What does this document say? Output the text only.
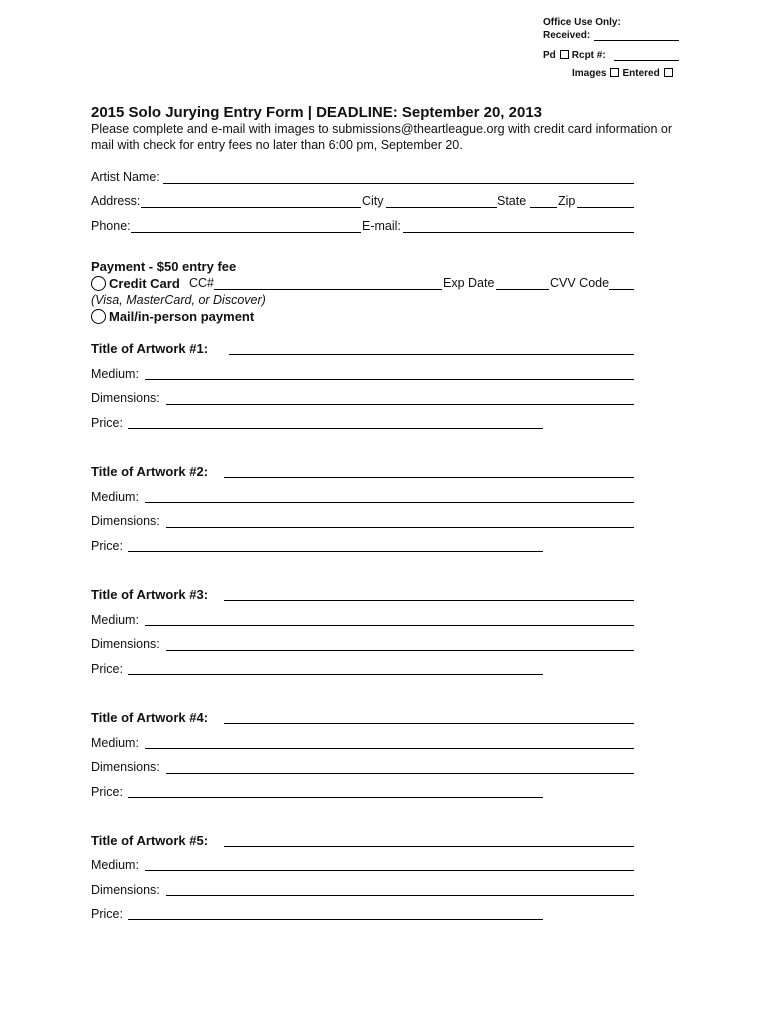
Office Use Only:
Received:
Pd Rcpt #:
Images Entered
2015 Solo Jurying Entry Form | DEADLINE: September 20, 2013
Please complete and e-mail with images to submissions@theartleague.org with credit card information or
mail with check for entry fees no later than 6:00 pm, September 20.
Artist Name:
Address:	City	State	Zip
Phone:	E-mail:
Payment - $50 entry fee
Credit Card CC#	Exp Date	CVV Code
(Visa, MasterCard, or Discover)
Mail/in-person payment
Title of Artwork #1:
Medium:
Dimensions:
Price:
Title of Artwork #2:
Medium:
Dimensions:
Price:
Title of Artwork #3:
Medium:
Dimensions:
Price:
Title of Artwork #4:
Medium:
Dimensions:
Price:
Title of Artwork #5:
Medium:
Dimensions:
Price:
